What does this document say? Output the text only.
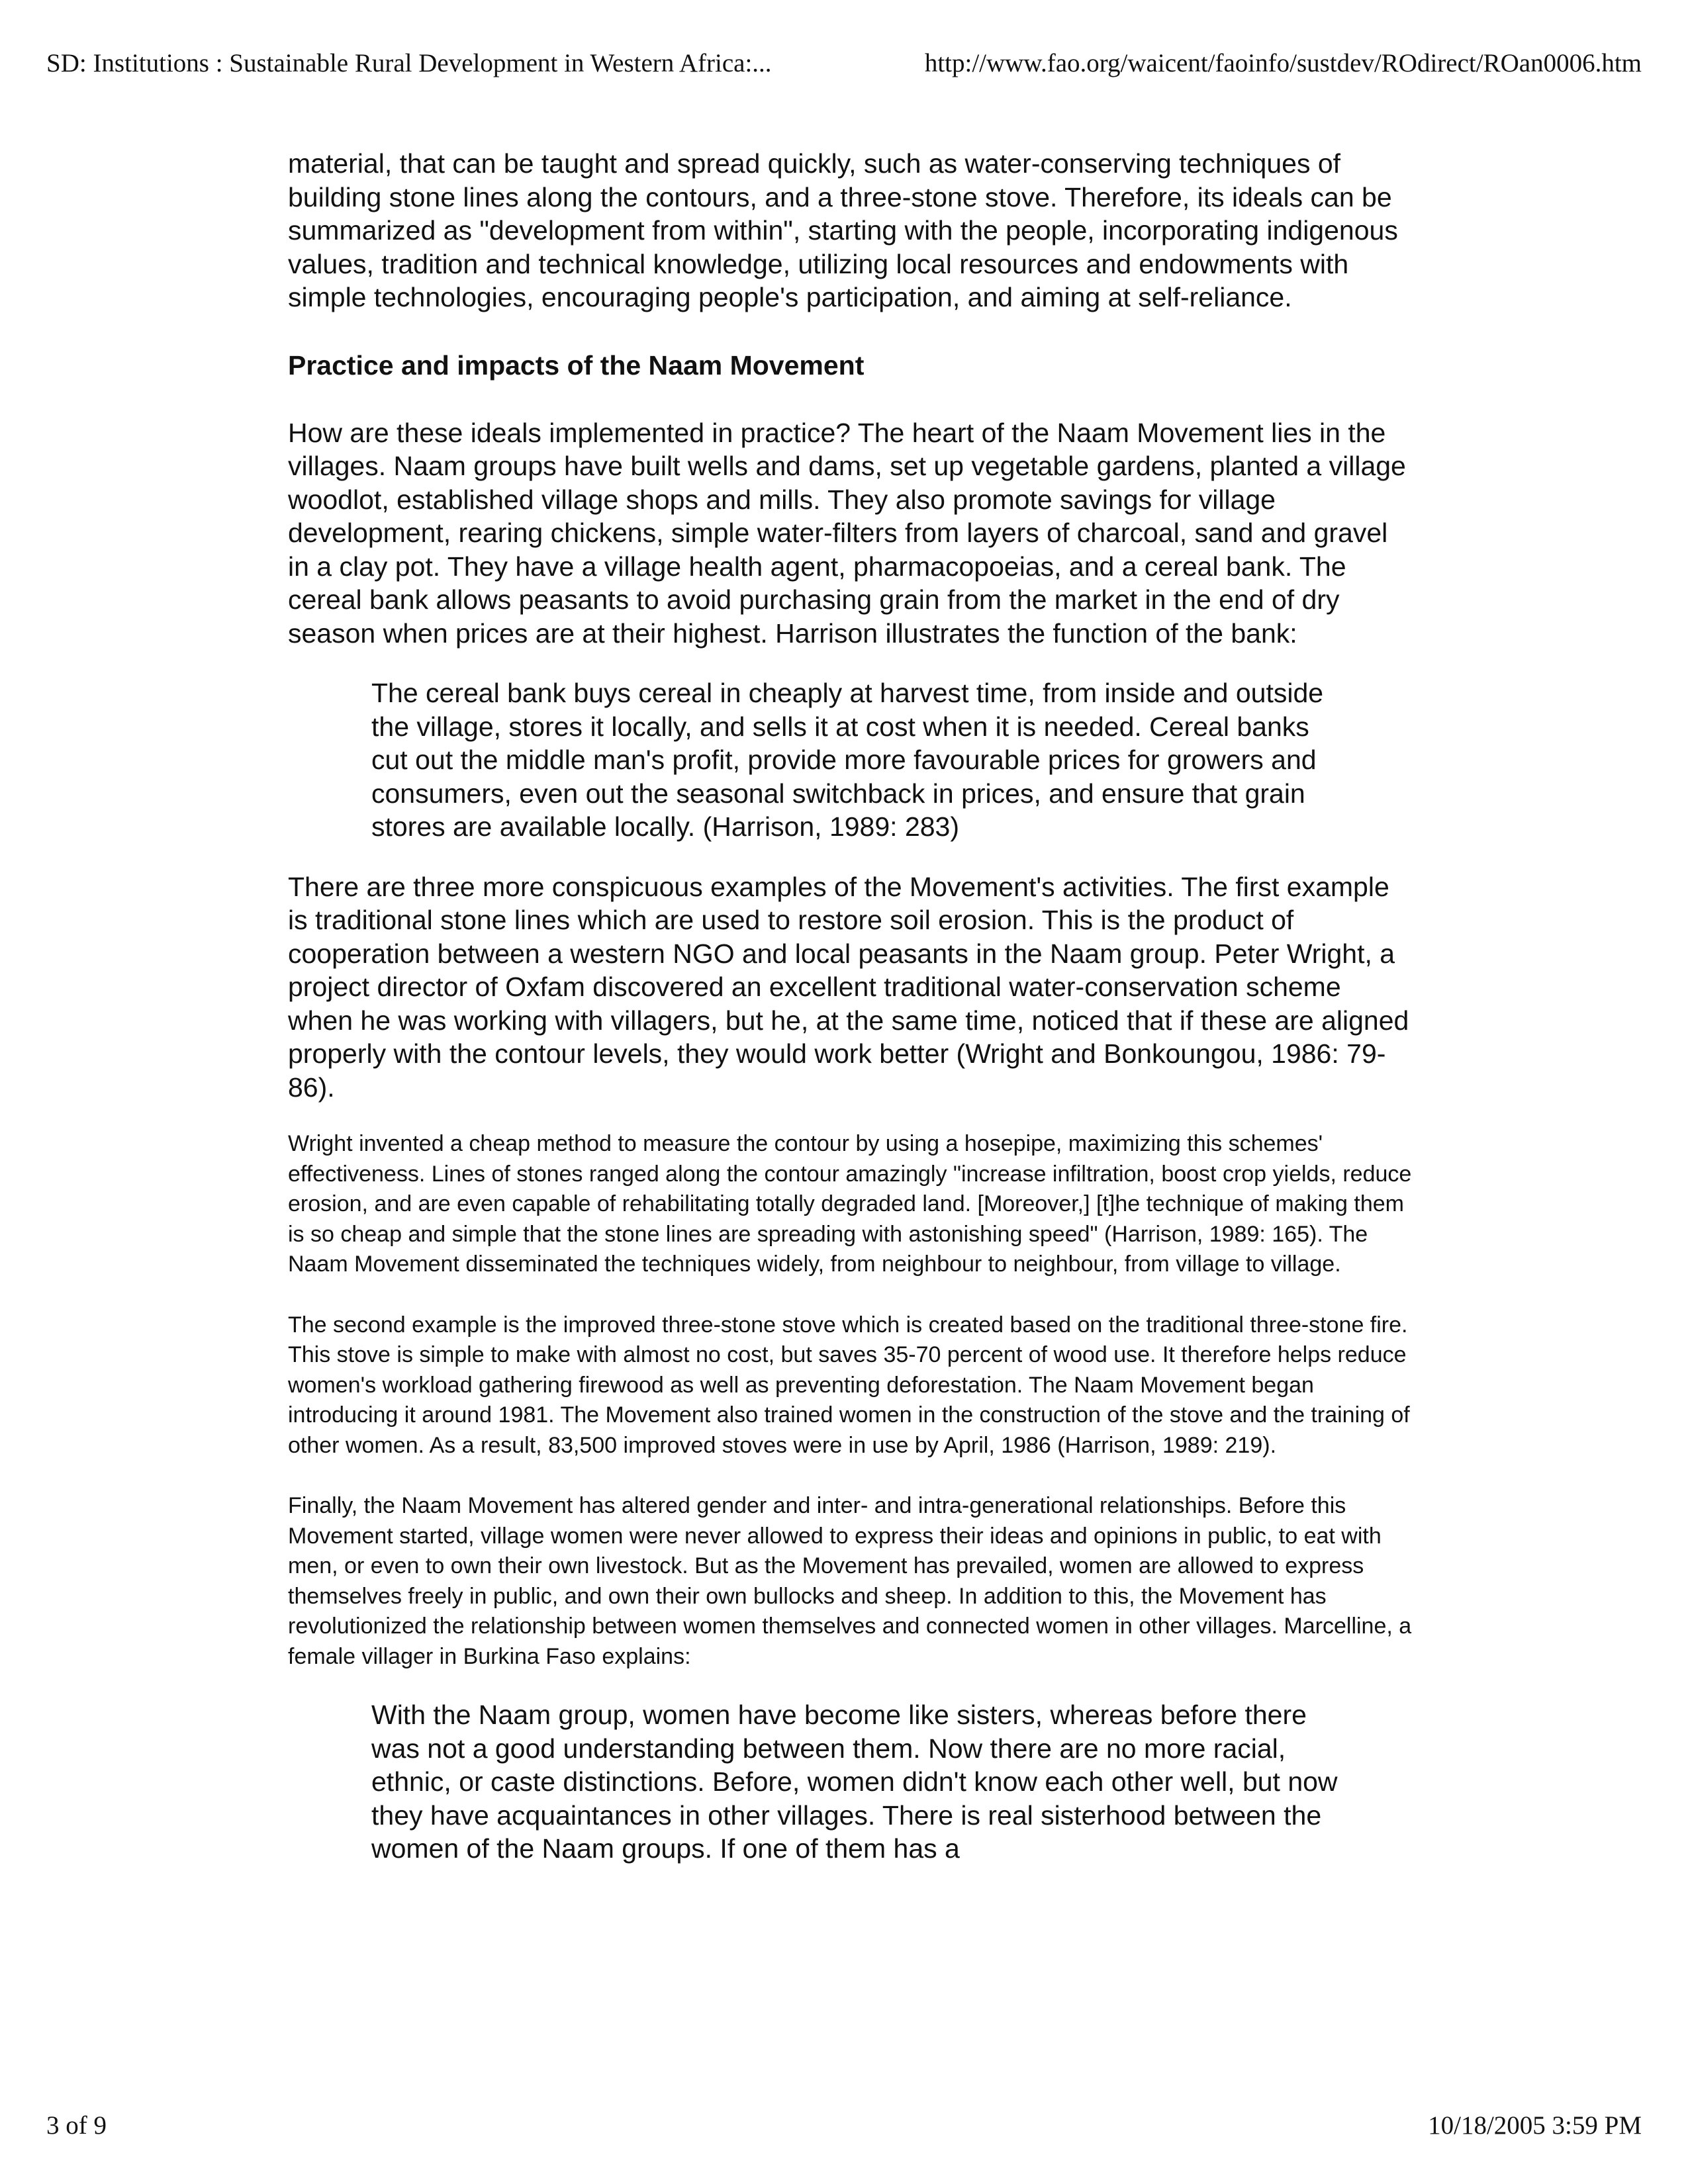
SD: Institutions : Sustainable Rural Development in Western Africa:...	http://www.fao.org/waicent/faoinfo/sustdev/ROdirect/ROan0006.htm

material, that can be taught and spread quickly, such as water-conserving techniques of building stone lines along the contours, and a three-stone stove. Therefore, its ideals can be summarized as "development from within", starting with the people, incorporating indigenous values, tradition and technical knowledge, utilizing local resources and endowments with simple technologies, encouraging people's participation, and aiming at self-reliance.

Practice and impacts of the Naam Movement

How are these ideals implemented in practice? The heart of the Naam Movement lies in the villages. Naam groups have built wells and dams, set up vegetable gardens, planted a village woodlot, established village shops and mills. They also promote savings for village development, rearing chickens, simple water-filters from layers of charcoal, sand and gravel in a clay pot. They have a village health agent, pharmacopoeias, and a cereal bank. The cereal bank allows peasants to avoid purchasing grain from the market in the end of dry season when prices are at their highest. Harrison illustrates the function of the bank:

The cereal bank buys cereal in cheaply at harvest time, from inside and outside the village, stores it locally, and sells it at cost when it is needed. Cereal banks cut out the middle man's profit, provide more favourable prices for growers and consumers, even out the seasonal switchback in prices, and ensure that grain stores are available locally. (Harrison, 1989: 283)

There are three more conspicuous examples of the Movement's activities. The first example is traditional stone lines which are used to restore soil erosion. This is the product of cooperation between a western NGO and local peasants in the Naam group. Peter Wright, a project director of Oxfam discovered an excellent traditional water-conservation scheme when he was working with villagers, but he, at the same time, noticed that if these are aligned properly with the contour levels, they would work better (Wright and Bonkoungou, 1986: 79-86).

Wright invented a cheap method to measure the contour by using a hosepipe, maximizing this schemes' effectiveness. Lines of stones ranged along the contour amazingly "increase infiltration, boost crop yields, reduce erosion, and are even capable of rehabilitating totally degraded land. [Moreover,] [t]he technique of making them is so cheap and simple that the stone lines are spreading with astonishing speed" (Harrison, 1989: 165). The Naam Movement disseminated the techniques widely, from neighbour to neighbour, from village to village.

The second example is the improved three-stone stove which is created based on the traditional three-stone fire. This stove is simple to make with almost no cost, but saves 35-70 percent of wood use. It therefore helps reduce women's workload gathering firewood as well as preventing deforestation. The Naam Movement began introducing it around 1981. The Movement also trained women in the construction of the stove and the training of other women. As a result, 83,500 improved stoves were in use by April, 1986 (Harrison, 1989: 219).

Finally, the Naam Movement has altered gender and inter- and intra-generational relationships. Before this Movement started, village women were never allowed to express their ideas and opinions in public, to eat with men, or even to own their own livestock. But as the Movement has prevailed, women are allowed to express themselves freely in public, and own their own bullocks and sheep. In addition to this, the Movement has revolutionized the relationship between women themselves and connected women in other villages. Marcelline, a female villager in Burkina Faso explains:

With the Naam group, women have become like sisters, whereas before there was not a good understanding between them. Now there are no more racial, ethnic, or caste distinctions. Before, women didn't know each other well, but now they have acquaintances in other villages. There is real sisterhood between the women of the Naam groups. If one of them has a

3 of 9	10/18/2005 3:59 PM
